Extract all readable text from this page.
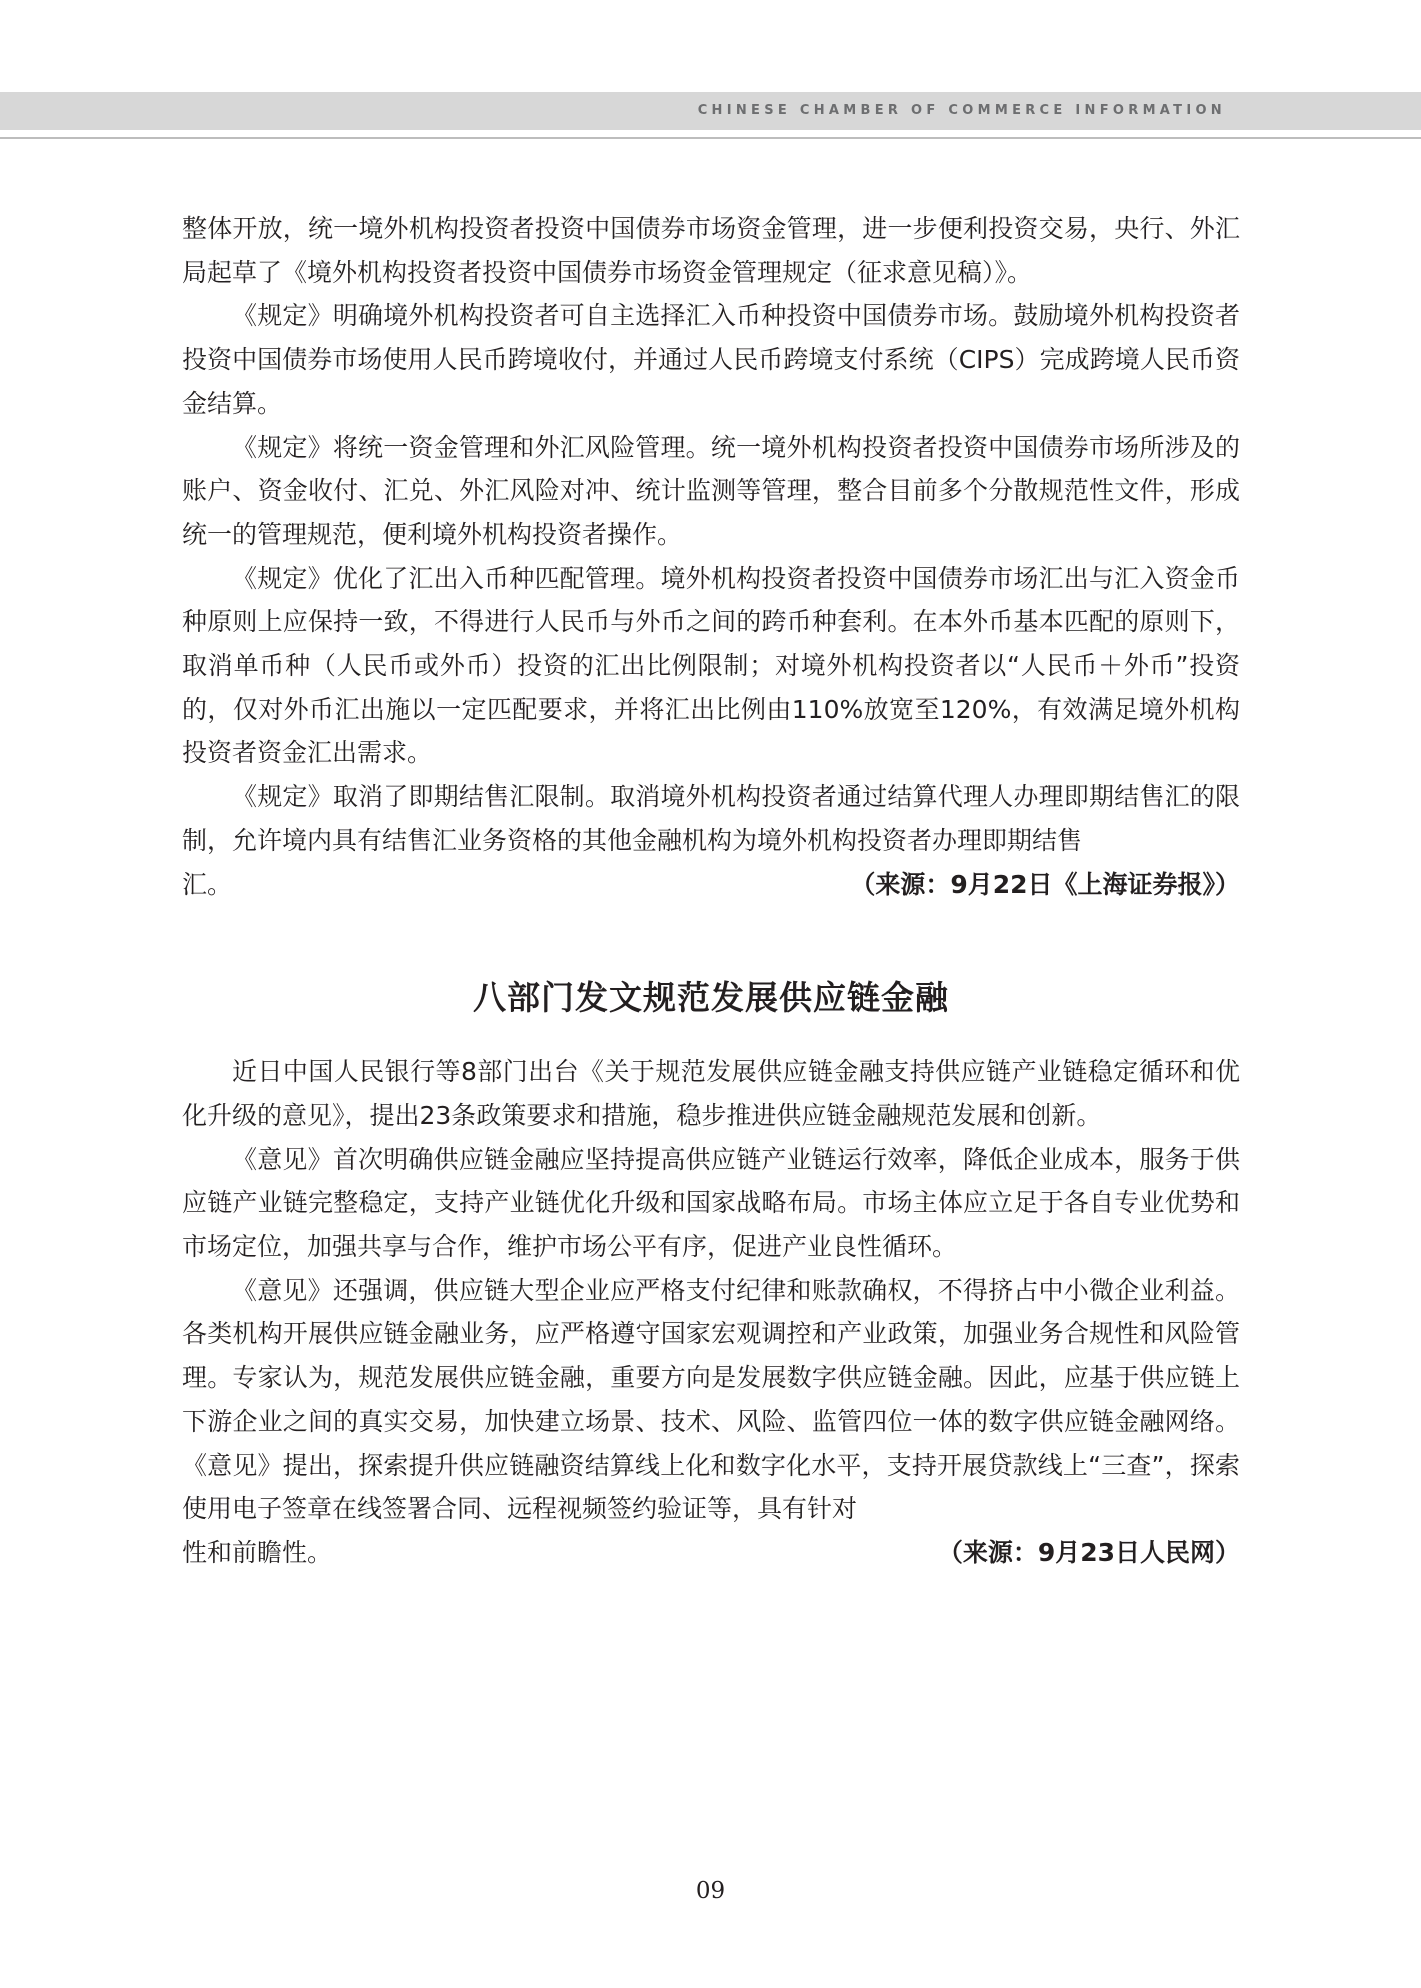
CHINESE CHAMBER OF COMMERCE INFORMATION

整体开放，统一境外机构投资者投资中国债券市场资金管理，进一步便利投资交易，央行、外汇局起草了《境外机构投资者投资中国债券市场资金管理规定（征求意见稿）》。

《规定》明确境外机构投资者可自主选择汇入币种投资中国债券市场。鼓励境外机构投资者投资中国债券市场使用人民币跨境收付，并通过人民币跨境支付系统（CIPS）完成跨境人民币资金结算。

《规定》将统一资金管理和外汇风险管理。统一境外机构投资者投资中国债券市场所涉及的账户、资金收付、汇兑、外汇风险对冲、统计监测等管理，整合目前多个分散规范性文件，形成统一的管理规范，便利境外机构投资者操作。

《规定》优化了汇出入币种匹配管理。境外机构投资者投资中国债券市场汇出与汇入资金币种原则上应保持一致，不得进行人民币与外币之间的跨币种套利。在本外币基本匹配的原则下，取消单币种（人民币或外币）投资的汇出比例限制；对境外机构投资者以“人民币＋外币”投资的，仅对外币汇出施以一定匹配要求，并将汇出比例由110%放宽至120%，有效满足境外机构投资者资金汇出需求。

《规定》取消了即期结售汇限制。取消境外机构投资者通过结算代理人办理即期结售汇的限制，允许境内具有结售汇业务资格的其他金融机构为境外机构投资者办理即期结售

汇。	（来源：9月22日《上海证券报》）
八部门发文规范发展供应链金融

近日中国人民银行等8部门出台《关于规范发展供应链金融支持供应链产业链稳定循环和优化升级的意见》，提出23条政策要求和措施，稳步推进供应链金融规范发展和创新。

《意见》首次明确供应链金融应坚持提高供应链产业链运行效率，降低企业成本，服务于供应链产业链完整稳定，支持产业链优化升级和国家战略布局。市场主体应立足于各自专业优势和市场定位，加强共享与合作，维护市场公平有序，促进产业良性循环。

《意见》还强调，供应链大型企业应严格支付纪律和账款确权，不得挤占中小微企业利益。各类机构开展供应链金融业务，应严格遵守国家宏观调控和产业政策，加强业务合规性和风险管理。专家认为，规范发展供应链金融，重要方向是发展数字供应链金融。因此，应基于供应链上下游企业之间的真实交易，加快建立场景、技术、风险、监管四位一体的数字供应链金融网络。《意见》提出，探索提升供应链融资结算线上化和数字化水平，支持开展贷款线上“三查”，探索使用电子签章在线签署合同、远程视频签约验证等，具有针对

性和前瞻性。	（来源：9月23日人民网）
09
